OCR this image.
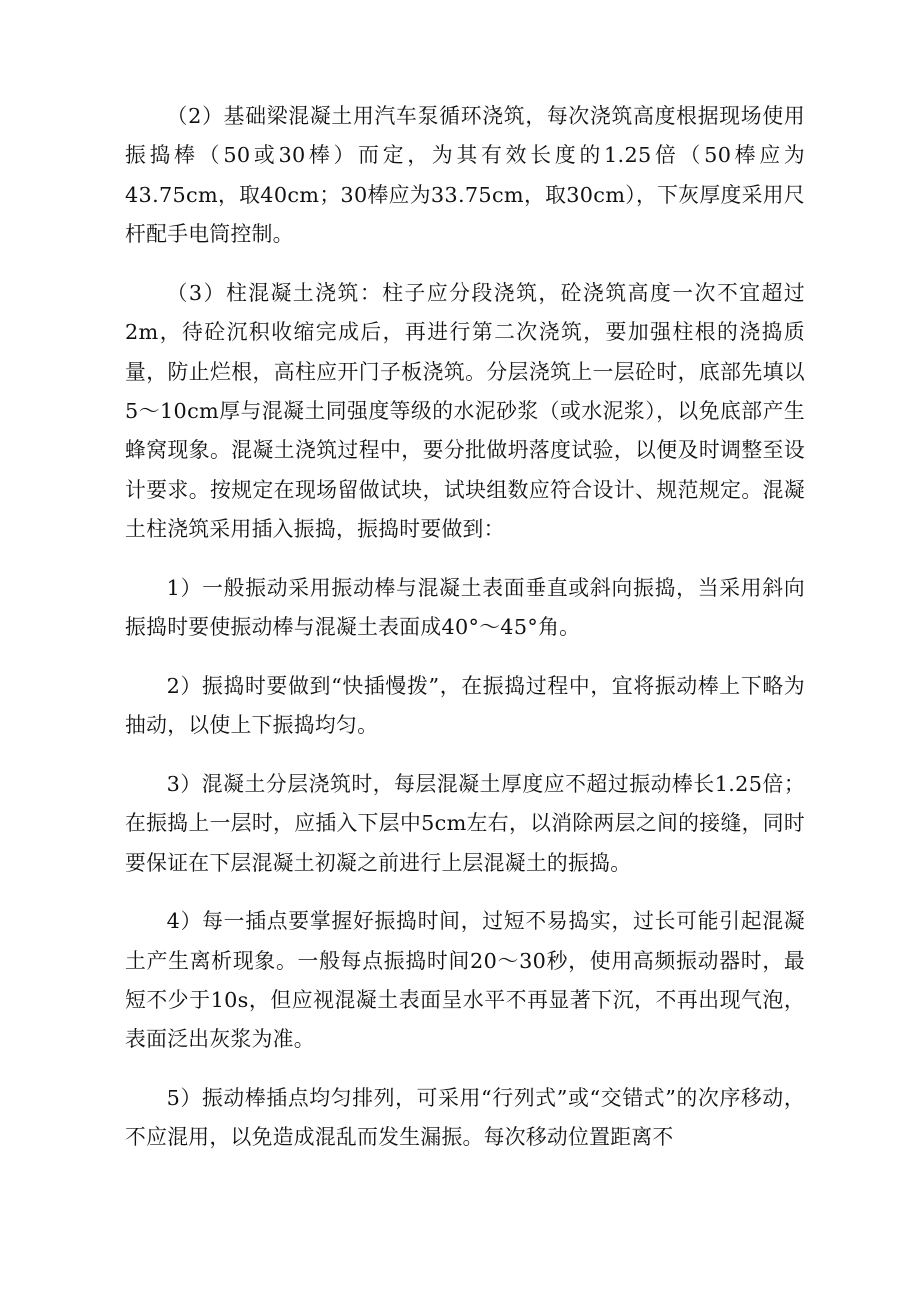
（2）基础梁混凝土用汽车泵循环浇筑，每次浇筑高度根据现场使用振捣棒（50或30棒）而定，为其有效长度的1.25倍（50棒应为43.75cm，取40cm；30棒应为33.75cm，取30cm），下灰厚度采用尺杆配手电筒控制。

（3）柱混凝土浇筑：柱子应分段浇筑，砼浇筑高度一次不宜超过2m，待砼沉积收缩完成后，再进行第二次浇筑，要加强柱根的浇捣质量，防止烂根，高柱应开门子板浇筑。分层浇筑上一层砼时，底部先填以5～10cm厚与混凝土同强度等级的水泥砂浆（或水泥浆），以免底部产生蜂窝现象。混凝土浇筑过程中，要分批做坍落度试验，以便及时调整至设计要求。按规定在现场留做试块，试块组数应符合设计、规范规定。混凝土柱浇筑采用插入振捣，振捣时要做到：

1）一般振动采用振动棒与混凝土表面垂直或斜向振捣，当采用斜向振捣时要使振动棒与混凝土表面成40°～45°角。

2）振捣时要做到“快插慢拨”，在振捣过程中，宜将振动棒上下略为抽动，以使上下振捣均匀。

3）混凝土分层浇筑时，每层混凝土厚度应不超过振动棒长1.25倍；在振捣上一层时，应插入下层中5cm左右，以消除两层之间的接缝，同时要保证在下层混凝土初凝之前进行上层混凝土的振捣。

4）每一插点要掌握好振捣时间，过短不易捣实，过长可能引起混凝土产生离析现象。一般每点振捣时间20～30秒，使用高频振动器时，最短不少于10s，但应视混凝土表面呈水平不再显著下沉，不再出现气泡，表面泛出灰浆为准。

5）振动棒插点均匀排列，可采用“行列式”或“交错式”的次序移动，不应混用，以免造成混乱而发生漏振。每次移动位置距离不
